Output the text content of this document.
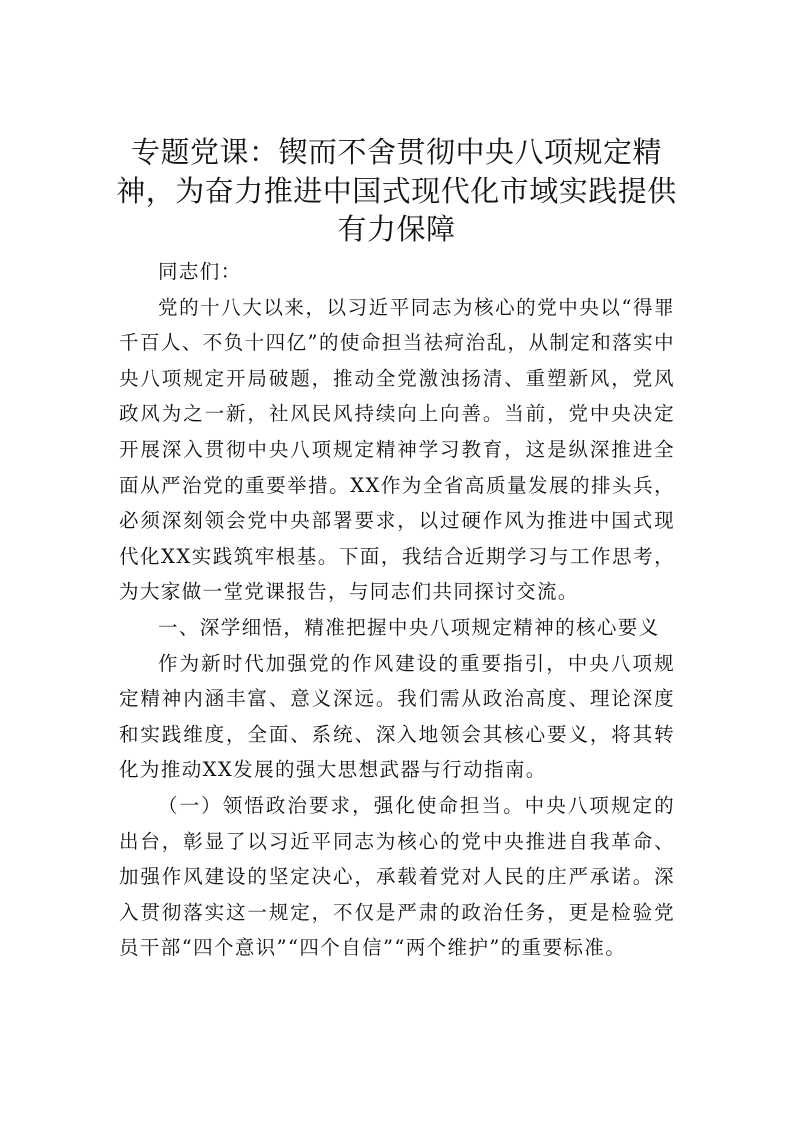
专题党课：锲而不舍贯彻中央八项规定精神，为奋力推进中国式现代化市域实践提供有力保障

同志们：

党的十八大以来，以习近平同志为核心的党中央以“得罪千百人、不负十四亿”的使命担当祛疴治乱，从制定和落实中央八项规定开局破题，推动全党激浊扬清、重塑新风，党风政风为之一新，社风民风持续向上向善。当前，党中央决定开展深入贯彻中央八项规定精神学习教育，这是纵深推进全面从严治党的重要举措。XX作为全省高质量发展的排头兵，必须深刻领会党中央部署要求，以过硬作风为推进中国式现代化XX实践筑牢根基。下面，我结合近期学习与工作思考，为大家做一堂党课报告，与同志们共同探讨交流。

一、深学细悟，精准把握中央八项规定精神的核心要义

作为新时代加强党的作风建设的重要指引，中央八项规定精神内涵丰富、意义深远。我们需从政治高度、理论深度和实践维度，全面、系统、深入地领会其核心要义，将其转化为推动XX发展的强大思想武器与行动指南。

（一）领悟政治要求，强化使命担当。中央八项规定的出台，彰显了以习近平同志为核心的党中央推进自我革命、加强作风建设的坚定决心，承载着党对人民的庄严承诺。深入贯彻落实这一规定，不仅是严肃的政治任务，更是检验党员干部“四个意识”“四个自信”“两个维护”的重要标准。
